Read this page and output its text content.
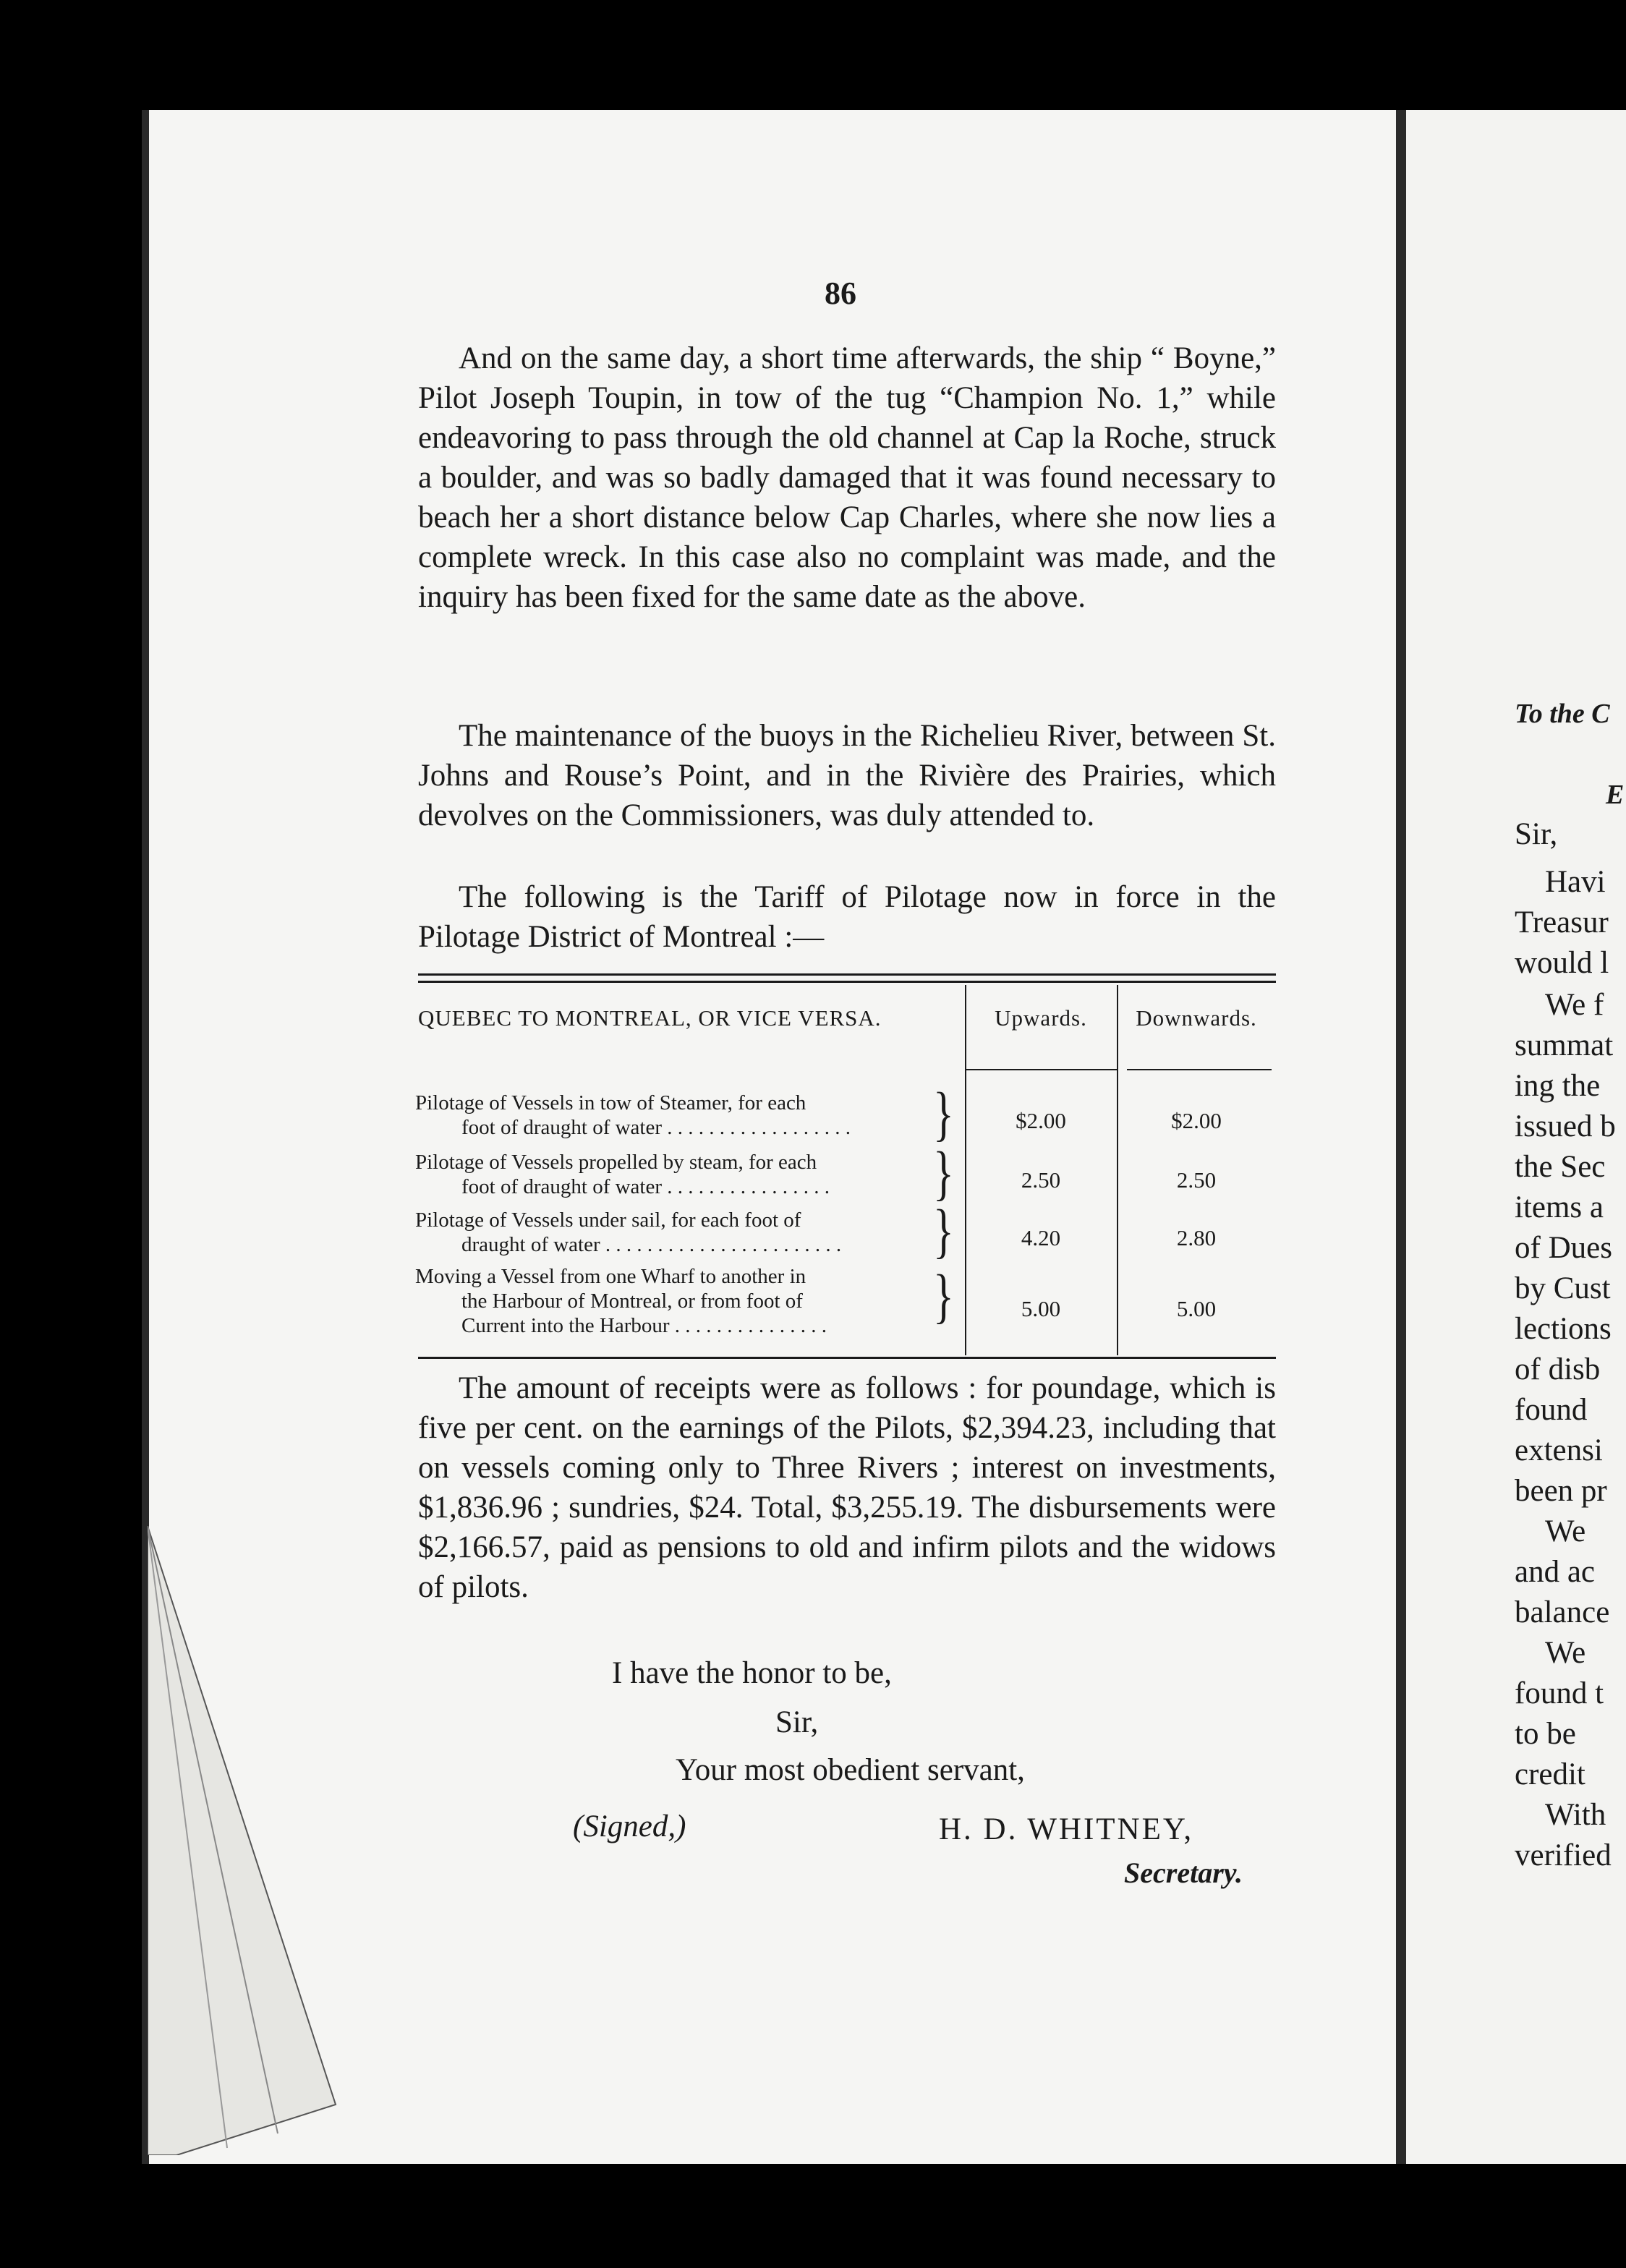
86

And on the same day, a short time afterwards, the ship “ Boyne,” Pilot Joseph Toupin, in tow of the tug “Champion No. 1,” while endeavoring to pass through the old channel at Cap la Roche, struck a boulder, and was so badly damaged that it was found necessary to beach her a short distance below Cap Charles, where she now lies a complete wreck. In this case also no complaint was made, and the inquiry has been fixed for the same date as the above.

The maintenance of the buoys in the Richelieu River, between St. Johns and Rouse’s Point, and in the Rivière des Prairies, which devolves on the Commissioners, was duly attended to.

The following is the Tariff of Pilotage now in force in the Pilotage District of Montreal :—

QUEBEC TO MONTREAL, OR VICE VERSA.	Upwards.	Downwards.
Pilotage of Vessels in tow of Steamer, for each
foot of draught of water . . . . . . . . . . . . . . . . . .	}	$2.00	$2.00
Pilotage of Vessels propelled by steam, for each
foot of draught of water . . . . . . . . . . . . . . . .	}	2.50	2.50
Pilotage of Vessels under sail, for each foot of
draught of water . . . . . . . . . . . . . . . . . . . . . . .	}	4.20	2.80
Moving a Vessel from one Wharf to another in
the Harbour of Montreal, or from foot of
Current into the Harbour . . . . . . . . . . . . . . .	}	5.00	5.00

The amount of receipts were as follows : for poundage, which is five per cent. on the earnings of the Pilots, $2,394.23, including that on vessels coming only to Three Rivers ; interest on investments, $1,836.96 ; sundries, $24. Total, $3,255.19. The disbursements were $2,166.57, paid as pensions to old and infirm pilots and the widows of pilots.

I have the honor to be,
Sir,
Your most obedient servant,
(Signed,)	H. D. WHITNEY,
Secretary.
To the C
E
Sir,
Havi
Treasur
would l
We f
summat
ing the
issued b
the Sec
items a
of Dues
by Cust
lections
of disb
found
extensi
been pr
We
and ac
balance
We
found t
to be
credit
With
verified
